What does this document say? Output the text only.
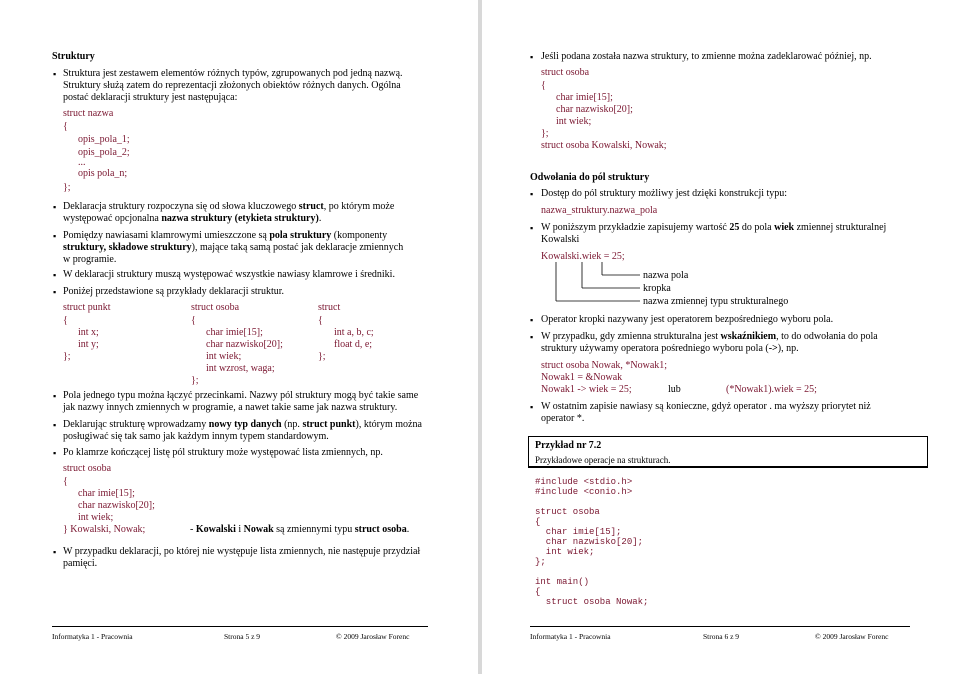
Struktury
▪ Struktura jest zestawem elementów różnych typów, zgrupowanych pod jedną nazwą.
Struktury służą zatem do reprezentacji złożonych obiektów różnych danych. Ogólna
postać deklaracji struktury jest następująca:
struct nazwa
{
opis_pola_1;
opis_pola_2;
...
opis pola_n;
};
▪ Deklaracja struktury rozpoczyna się od słowa kluczowego struct, po którym może
występować opcjonalna nazwa struktury (etykieta struktury).
▪ Pomiędzy nawiasami klamrowymi umieszczone są pola struktury (komponenty
struktury, składowe struktury), mające taką samą postać jak deklaracje zmiennych
w programie.
▪ W deklaracji struktury muszą występować wszystkie nawiasy klamrowe i średniki.
▪ Poniżej przedstawione są przykłady deklaracji struktur.
struct punkt
{
int x;
int y;
};
struct osoba
{
char imie[15];
char nazwisko[20];
int wiek;
int wzrost, waga;
};
struct
{
int a, b, c;
float d, e;
};
▪ Pola jednego typu można łączyć przecinkami. Nazwy pól struktury mogą być takie same
jak nazwy innych zmiennych w programie, a nawet takie same jak nazwa struktury.
▪ Deklarując strukturę wprowadzamy nowy typ danych (np. struct punkt), którym można
posługiwać się tak samo jak każdym innym typem standardowym.
▪ Po klamrze kończącej listę pól struktury może występować lista zmiennych, np.
struct osoba
{
char imie[15];
char nazwisko[20];
int wiek;
} Kowalski, Nowak;	- Kowalski i Nowak są zmiennymi typu struct osoba.
▪ W przypadku deklaracji, po której nie występuje lista zmiennych, nie następuje przydział
pamięci.
Informatyka 1 - Pracownia	Strona 5 z 9	© 2009 Jarosław Forenc
▪ Jeśli podana została nazwa struktury, to zmienne można zadeklarować później, np.
struct osoba
{
char imie[15];
char nazwisko[20];
int wiek;
};
struct osoba Kowalski, Nowak;
Odwołania do pól struktury
▪ Dostęp do pól struktury możliwy jest dzięki konstrukcji typu:
nazwa_struktury.nazwa_pola
▪ W poniższym przykładzie zapisujemy wartość 25 do pola wiek zmiennej strukturalnej
Kowalski
Kowalski.wiek = 25;
nazwa pola
kropka
nazwa zmiennej typu strukturalnego
▪ Operator kropki nazywany jest operatorem bezpośredniego wyboru pola.
▪ W przypadku, gdy zmienna strukturalna jest wskaźnikiem, to do odwołania do pola
struktury używamy operatora pośredniego wyboru pola (->), np.
struct osoba Nowak, *Nowak1;
Nowak1 = &Nowak
Nowak1 -> wiek = 25;	lub	(*Nowak1).wiek = 25;
▪ W ostatnim zapisie nawiasy są konieczne, gdyż operator . ma wyższy priorytet niż
operator *.
Przykład nr 7.2
Przykładowe operacje na strukturach.
#include <stdio.h>
#include <conio.h>
struct osoba
{
char imie[15];
char nazwisko[20];
int wiek;
};
int main()
{
struct osoba Nowak;
Informatyka 1 - Pracownia	Strona 6 z 9	© 2009 Jarosław Forenc
